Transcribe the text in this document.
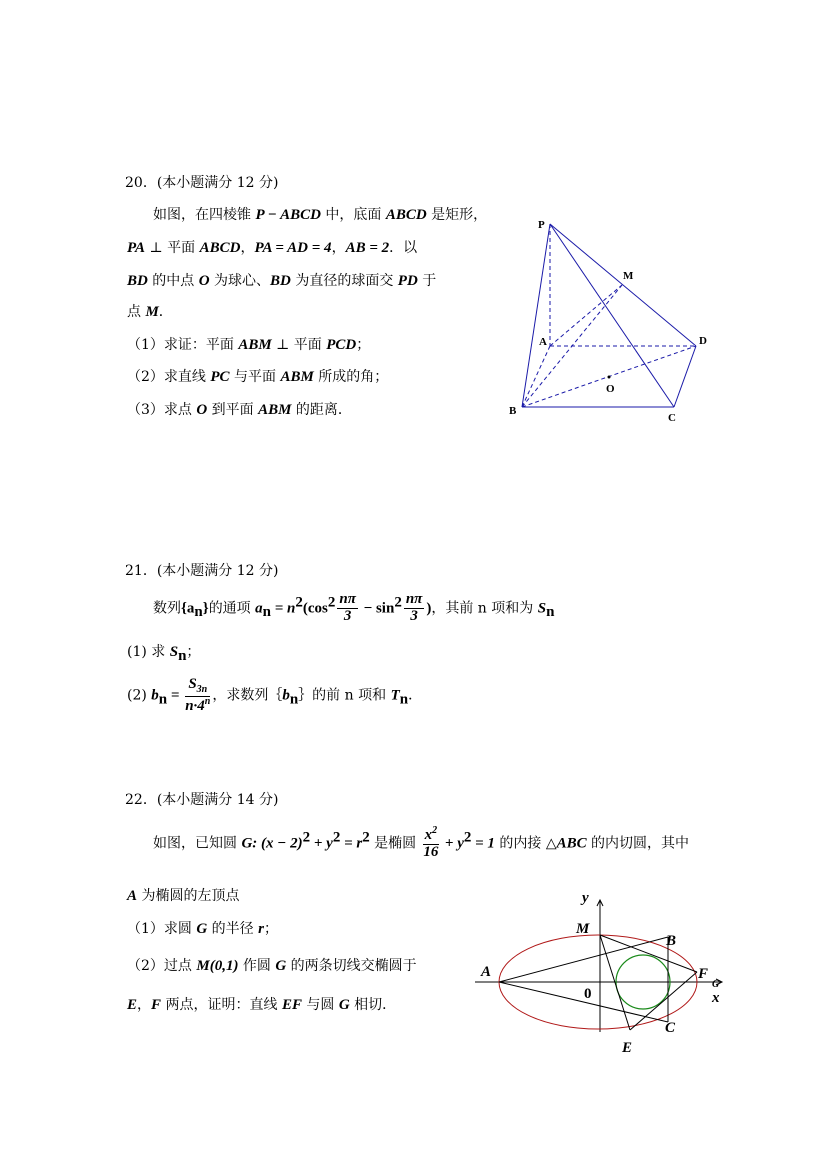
20．(本小题满分 12 分)
如图，在四棱锥 P − ABCD 中，底面 ABCD 是矩形，
PA ⊥ 平面 ABCD，PA = AD = 4，AB = 2．以
BD 的中点 O 为球心、BD 为直径的球面交 PD 于
点 M．
（1）求证：平面 ABM ⊥ 平面 PCD；
（2）求直线 PC 与平面 ABM 所成的角；
（3）求点 O 到平面 ABM 的距离．
P
M
A	D
O
B
C
21．(本小题满分 12 分)
数列$\{a_n\}$的通项 $a_n = n^2(\cos^2 \frac{n\pi}{3} - \sin^2 \frac{n\pi}{3}$ )，其前 n 项和为 $S_n$
(1) 求 $S_n$；
(2) $b_n = \frac{S_{3n}}{n\cdot 4^n}$ ，求数列$\{b_n\}$的前 n 项和 $T_n$．
22．(本小题满分 14 分)
如图，已知圆 G: $(x - 2)^2 + y^2 = r^2$ 是椭圆 $\frac{x^2}{16} + y^2 = 1$ 的内接 △ABC 的内切圆，其中
A 为椭圆的左顶点
（1）求圆 G 的半径 r；
（2）过点 M(0,1) 作圆 G 的两条切线交椭圆于
E，F 两点，证明：直线 EF 与圆 G 相切．
y
M
B
A	F
G
0	x
C
E
